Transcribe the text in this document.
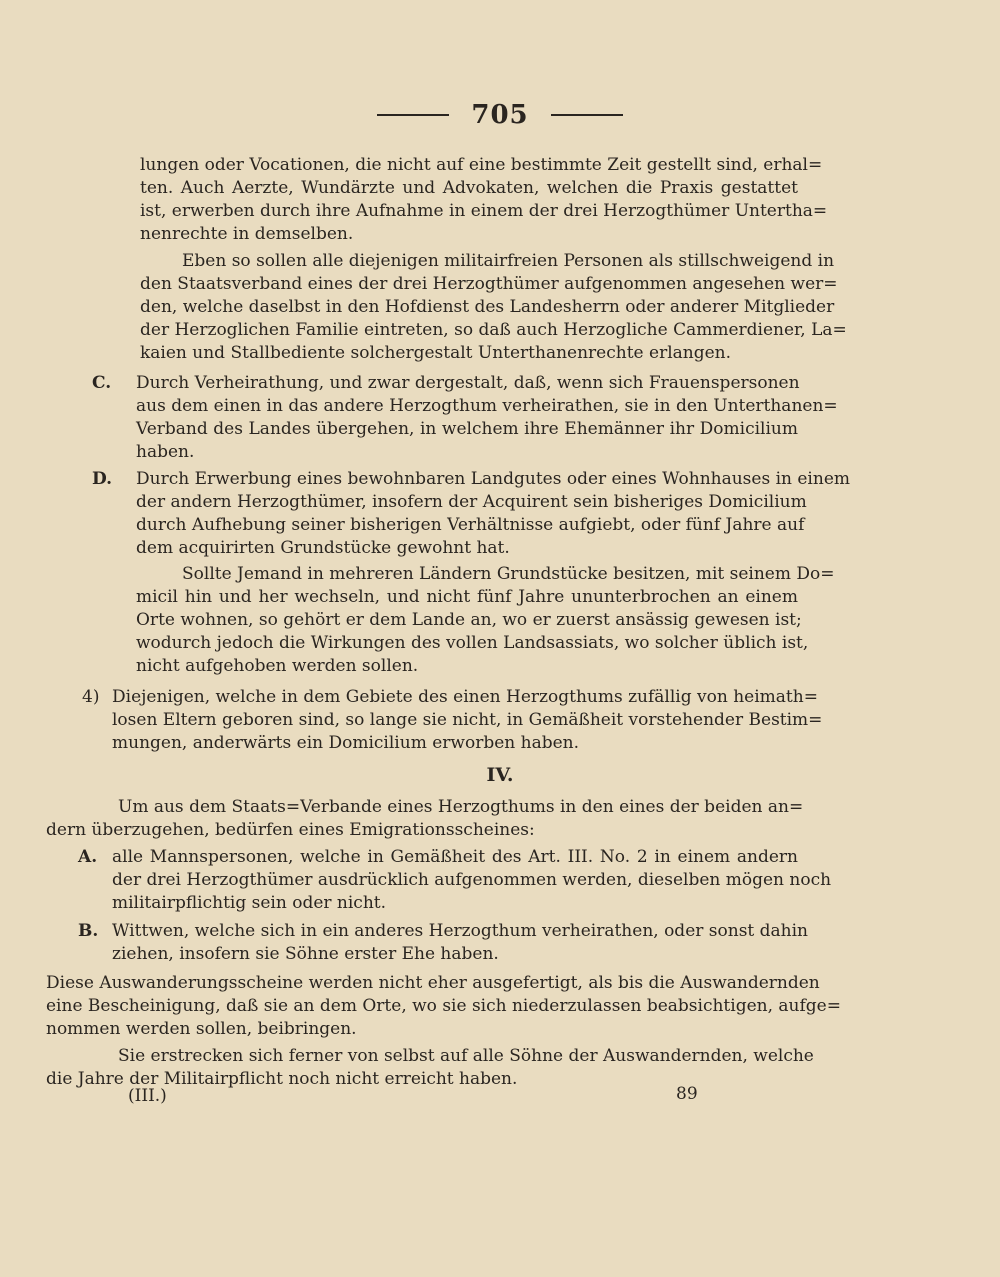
705
lungen oder Vocationen, die nicht auf eine bestimmte Zeit gestellt sind, erhal=
ten. Auch Aerzte, Wundärzte und Advokaten, welchen die Praxis gestattet
ist, erwerben durch ihre Aufnahme in einem der drei Herzogthümer Untertha=
nenrechte in demselben.
Eben so sollen alle diejenigen militairfreien Personen als stillschweigend in
den Staatsverband eines der drei Herzogthümer aufgenommen angesehen wer=
den, welche daselbst in den Hofdienst des Landesherrn oder anderer Mitglieder
der Herzoglichen Familie eintreten, so daß auch Herzogliche Cammerdiener, La=
kaien und Stallbediente solchergestalt Unterthanenrechte erlangen.
C. Durch Verheirathung, und zwar dergestalt, daß, wenn sich Frauenspersonen
aus dem einen in das andere Herzogthum verheirathen, sie in den Unterthanen=
Verband des Landes übergehen, in welchem ihre Ehemänner ihr Domicilium
haben.
D. Durch Erwerbung eines bewohnbaren Landgutes oder eines Wohnhauses in einem
der andern Herzogthümer, insofern der Acquirent sein bisheriges Domicilium
durch Aufhebung seiner bisherigen Verhältnisse aufgiebt, oder fünf Jahre auf
dem acquirirten Grundstücke gewohnt hat.
Sollte Jemand in mehreren Ländern Grundstücke besitzen, mit seinem Do=
micil hin und her wechseln, und nicht fünf Jahre ununterbrochen an einem
Orte wohnen, so gehört er dem Lande an, wo er zuerst ansässig gewesen ist;
wodurch jedoch die Wirkungen des vollen Landsassiats, wo solcher üblich ist,
nicht aufgehoben werden sollen.
4) Diejenigen, welche in dem Gebiete des einen Herzogthums zufällig von heimath=
losen Eltern geboren sind, so lange sie nicht, in Gemäßheit vorstehender Bestim=
mungen, anderwärts ein Domicilium erworben haben.
IV.
Um aus dem Staats=Verbande eines Herzogthums in den eines der beiden an=
dern überzugehen, bedürfen eines Emigrationsscheines:
A. alle Mannspersonen, welche in Gemäßheit des Art. III. No. 2 in einem andern
der drei Herzogthümer ausdrücklich aufgenommen werden, dieselben mögen noch
militairpflichtig sein oder nicht.
B. Wittwen, welche sich in ein anderes Herzogthum verheirathen, oder sonst dahin
ziehen, insofern sie Söhne erster Ehe haben.
Diese Auswanderungsscheine werden nicht eher ausgefertigt, als bis die Auswandernden
eine Bescheinigung, daß sie an dem Orte, wo sie sich niederzulassen beabsichtigen, aufge=
nommen werden sollen, beibringen.
Sie erstrecken sich ferner von selbst auf alle Söhne der Auswandernden, welche
die Jahre der Militairpflicht noch nicht erreicht haben.
(III.)	89
